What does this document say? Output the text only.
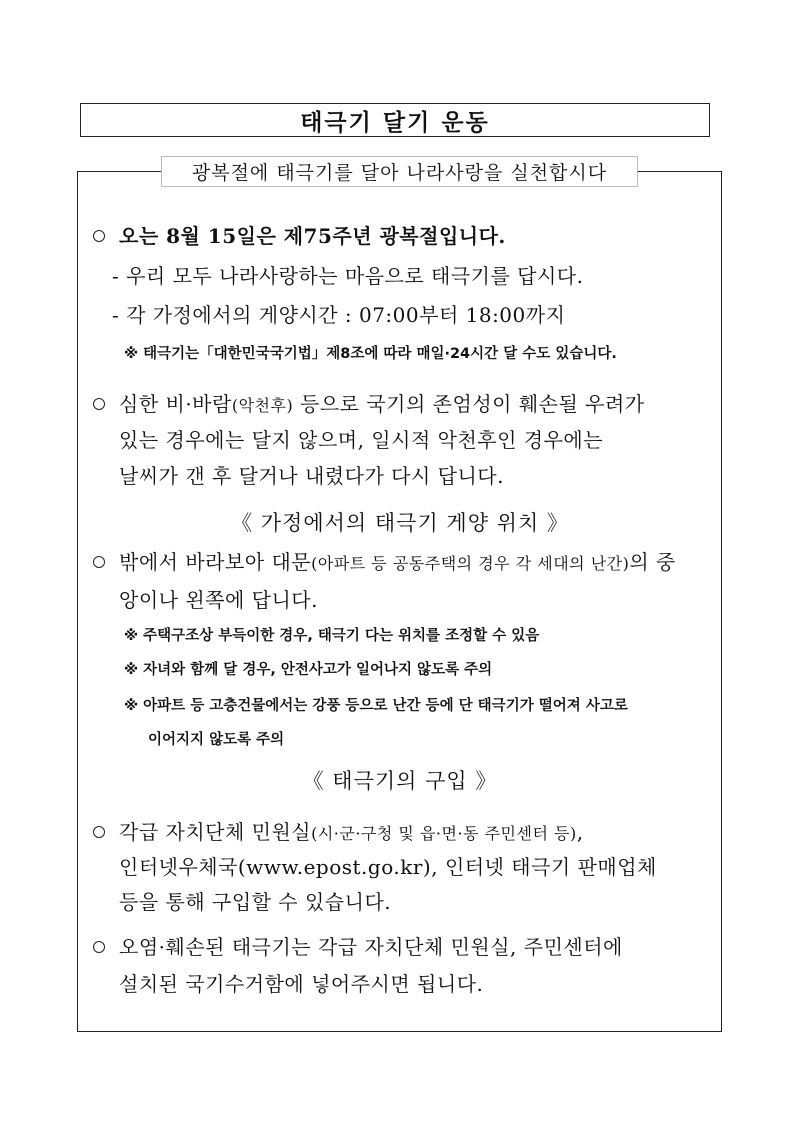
태극기 달기 운동
광복절에 태극기를 달아 나라사랑을 실천합시다
오는 8월 15일은 제75주년 광복절입니다.
- 우리 모두 나라사랑하는 마음으로 태극기를 답시다.
- 각 가정에서의 게양시간 : 07:00부터 18:00까지
※ 태극기는「대한민국국기법」제8조에 따라 매일·24시간 달 수도 있습니다.
심한 비·바람(악천후) 등으로 국기의 존엄성이 훼손될 우려가
있는 경우에는 달지 않으며, 일시적 악천후인 경우에는
날씨가 갠 후 달거나 내렸다가 다시 답니다.
《 가정에서의 태극기 게양 위치 》
밖에서 바라보아 대문(아파트 등 공동주택의 경우 각 세대의 난간)의 중
앙이나 왼쪽에 답니다.
※ 주택구조상 부득이한 경우, 태극기 다는 위치를 조정할 수 있음
※ 자녀와 함께 달 경우, 안전사고가 일어나지 않도록 주의
※ 아파트 등 고층건물에서는 강풍 등으로 난간 등에 단 태극기가 떨어져 사고로
이어지지 않도록 주의
《 태극기의 구입 》
각급 자치단체 민원실(시·군·구청 및 읍·면·동 주민센터 등),
인터넷우체국(www.epost.go.kr), 인터넷 태극기 판매업체
등을 통해 구입할 수 있습니다.
오염·훼손된 태극기는 각급 자치단체 민원실, 주민센터에
설치된 국기수거함에 넣어주시면 됩니다.
